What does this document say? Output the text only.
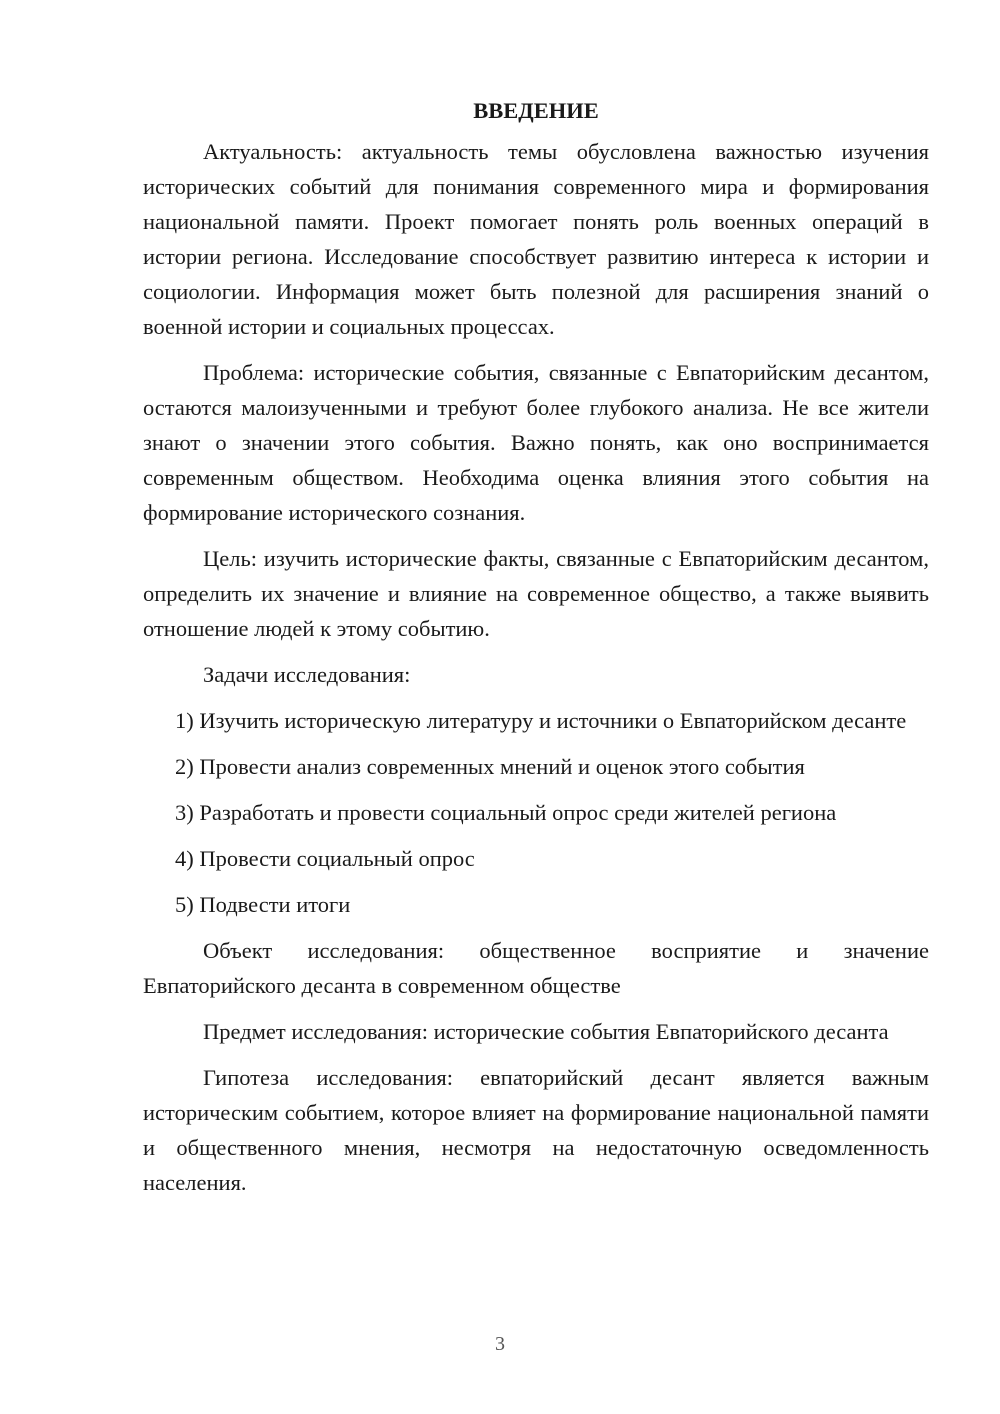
ВВЕДЕНИЕ

Актуальность: актуальность темы обусловлена важностью изучения исторических событий для понимания современного мира и формирования национальной памяти. Проект помогает понять роль военных операций в истории региона. Исследование способствует развитию интереса к истории и социологии. Информация может быть полезной для расширения знаний о военной истории и социальных процессах.

Проблема: исторические события, связанные с Евпаторийским десантом, остаются малоизученными и требуют более глубокого анализа. Не все жители знают о значении этого события. Важно понять, как оно воспринимается современным обществом. Необходима оценка влияния этого события на формирование исторического сознания.

Цель: изучить исторические факты, связанные с Евпаторийским десантом, определить их значение и влияние на современное общество, а также выявить отношение людей к этому событию.

Задачи исследования:

1) Изучить историческую литературу и источники о Евпаторийском десанте

2) Провести анализ современных мнений и оценок этого события

3) Разработать и провести социальный опрос среди жителей региона

4) Провести социальный опрос

5) Подвести итоги

Объект исследования: общественное восприятие и значение Евпаторийского десанта в современном обществе

Предмет исследования: исторические события Евпаторийского десанта

Гипотеза исследования: евпаторийский десант является важным историческим событием, которое влияет на формирование национальной памяти и общественного мнения, несмотря на недостаточную осведомленность населения.

3
